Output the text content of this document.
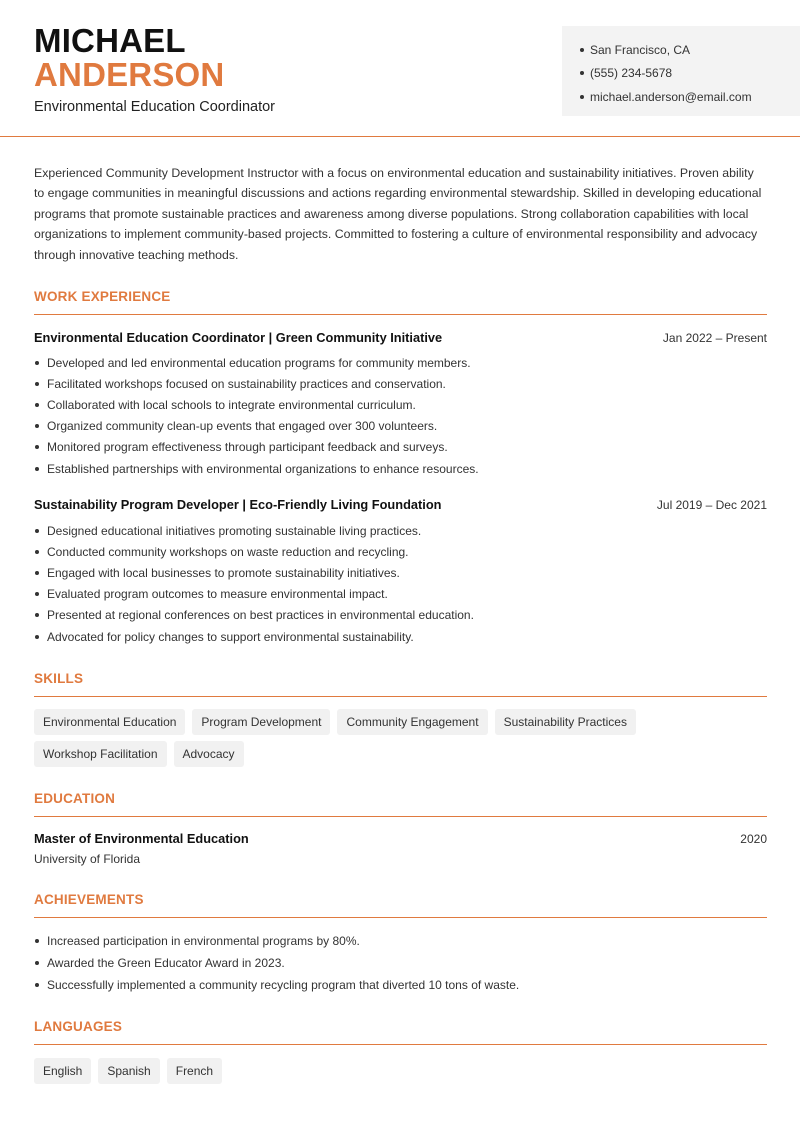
MICHAEL
ANDERSON
Environmental Education Coordinator
San Francisco, CA
(555) 234-5678
michael.anderson@email.com

Experienced Community Development Instructor with a focus on environmental education and sustainability initiatives. Proven ability to engage communities in meaningful discussions and actions regarding environmental stewardship. Skilled in developing educational programs that promote sustainable practices and awareness among diverse populations. Strong collaboration capabilities with local organizations to implement community-based projects. Committed to fostering a culture of environmental responsibility and advocacy through innovative teaching methods.

WORK EXPERIENCE
Environmental Education Coordinator | Green Community Initiative	Jan 2022 – Present
Developed and led environmental education programs for community members.
Facilitated workshops focused on sustainability practices and conservation.
Collaborated with local schools to integrate environmental curriculum.
Organized community clean-up events that engaged over 300 volunteers.
Monitored program effectiveness through participant feedback and surveys.
Established partnerships with environmental organizations to enhance resources.
Sustainability Program Developer | Eco-Friendly Living Foundation	Jul 2019 – Dec 2021
Designed educational initiatives promoting sustainable living practices.
Conducted community workshops on waste reduction and recycling.
Engaged with local businesses to promote sustainability initiatives.
Evaluated program outcomes to measure environmental impact.
Presented at regional conferences on best practices in environmental education.
Advocated for policy changes to support environmental sustainability.
SKILLS
Environmental Education	Program Development	Community Engagement	Sustainability Practices
Workshop Facilitation	Advocacy
EDUCATION
Master of Environmental Education	2020
University of Florida
ACHIEVEMENTS
Increased participation in environmental programs by 80%.
Awarded the Green Educator Award in 2023.
Successfully implemented a community recycling program that diverted 10 tons of waste.
LANGUAGES
English	Spanish	French
